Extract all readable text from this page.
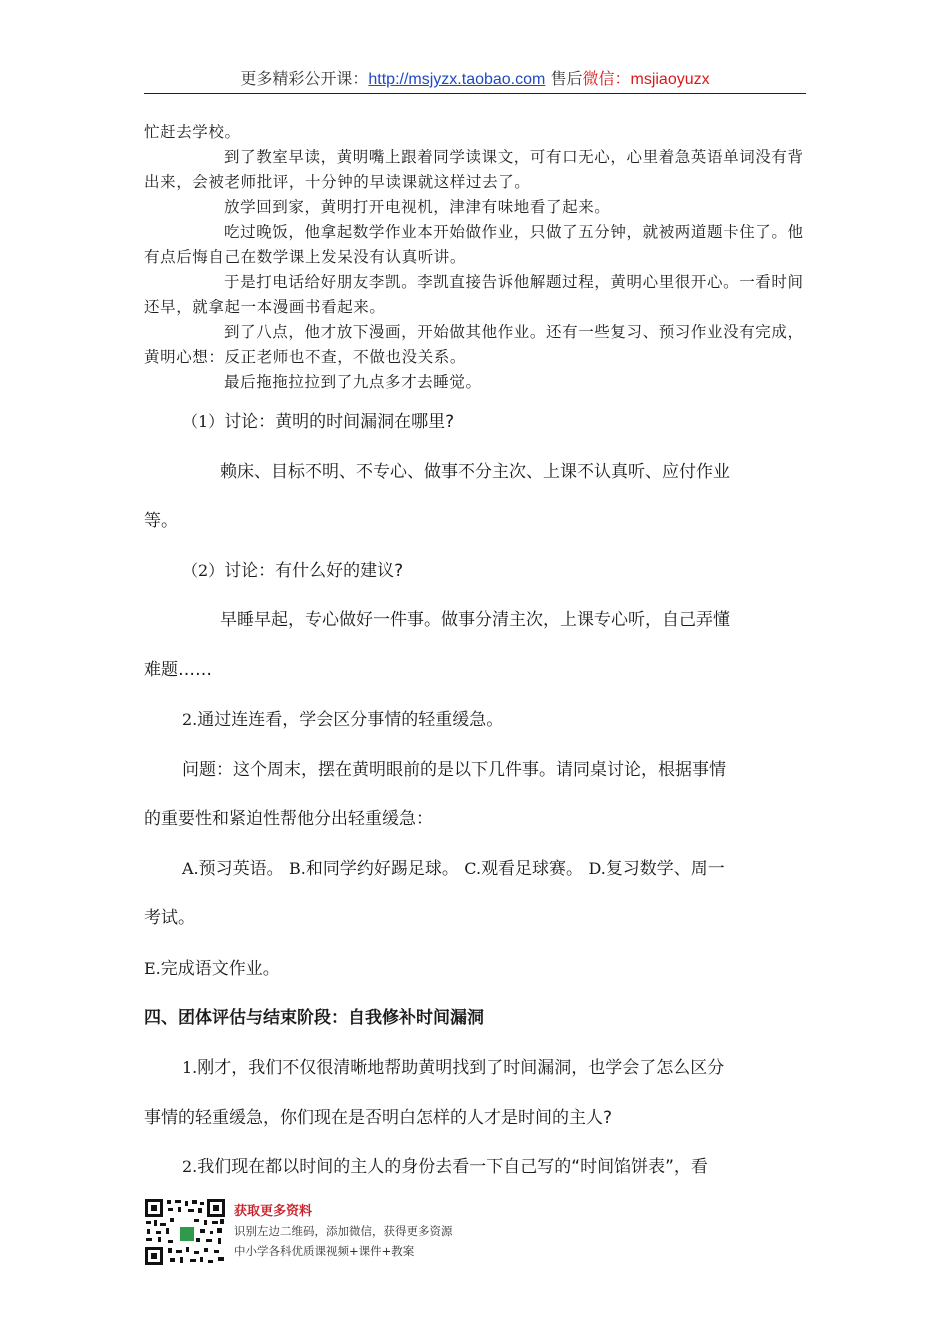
更多精彩公开课：http://msjyzx.taobao.com 售后微信：msjiaoyuzx

忙赶去学校。

到了教室早读，黄明嘴上跟着同学读课文，可有口无心，心里着急英语单词没有背出来，会被老师批评，十分钟的早读课就这样过去了。

放学回到家，黄明打开电视机，津津有味地看了起来。

吃过晚饭，他拿起数学作业本开始做作业，只做了五分钟，就被两道题卡住了。他有点后悔自己在数学课上发呆没有认真听讲。

于是打电话给好朋友李凯。李凯直接告诉他解题过程，黄明心里很开心。一看时间还早，就拿起一本漫画书看起来。

到了八点，他才放下漫画，开始做其他作业。还有一些复习、预习作业没有完成，黄明心想：反正老师也不查，不做也没关系。

最后拖拖拉拉到了九点多才去睡觉。

（1）讨论：黄明的时间漏洞在哪里?
赖床、目标不明、不专心、做事不分主次、上课不认真听、应付作业
等。
（2）讨论：有什么好的建议?
早睡早起，专心做好一件事。做事分清主次，上课专心听，自己弄懂
难题……
2.通过连连看，学会区分事情的轻重缓急。
问题：这个周末，摆在黄明眼前的是以下几件事。请同桌讨论，根据事情
的重要性和紧迫性帮他分出轻重缓急：
A.预习英语。 B.和同学约好踢足球。 C.观看足球赛。 D.复习数学、周一
考试。
E.完成语文作业。
四、团体评估与结束阶段：自我修补时间漏洞
1.刚才，我们不仅很清晰地帮助黄明找到了时间漏洞，也学会了怎么区分
事情的轻重缓急，你们现在是否明白怎样的人才是时间的主人?
2.我们现在都以时间的主人的身份去看一下自己写的“时间馅饼表”，看
获取更多资料
识别左边二维码，添加微信，获得更多资源
中小学各科优质课视频+课件+教案
